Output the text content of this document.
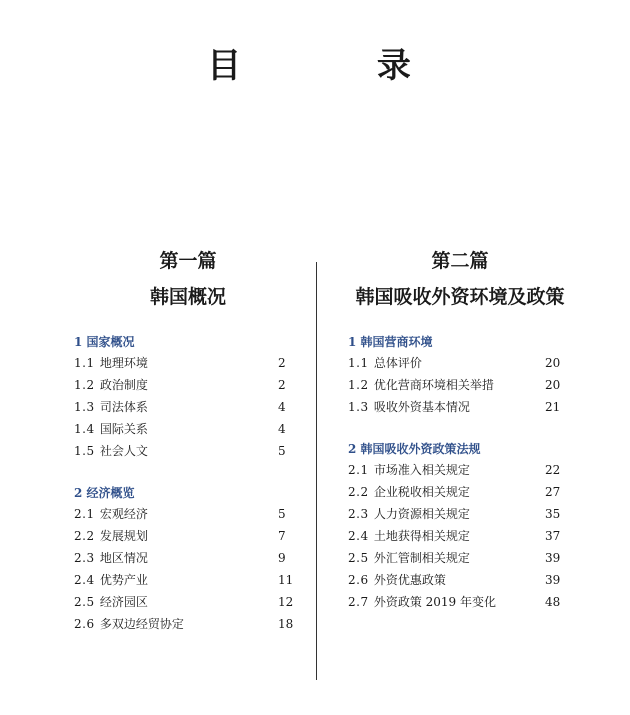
目 录
第一篇
韩国概况
1 国家概况
1.1 地理环境	2
1.2 政治制度	2
1.3 司法体系	4
1.4 国际关系	4
1.5 社会人文	5
2 经济概览
2.1 宏观经济	5
2.2 发展规划	7
2.3 地区情况	9
2.4 优势产业	11
2.5 经济园区	12
2.6 多双边经贸协定	18
第二篇
韩国吸收外资环境及政策
1 韩国营商环境
1.1 总体评价	20
1.2 优化营商环境相关举措	20
1.3 吸收外资基本情况	21
2 韩国吸收外资政策法规
2.1 市场准入相关规定	22
2.2 企业税收相关规定	27
2.3 人力资源相关规定	35
2.4 土地获得相关规定	37
2.5 外汇管制相关规定	39
2.6 外资优惠政策	39
2.7 外资政策 2019 年变化	48
